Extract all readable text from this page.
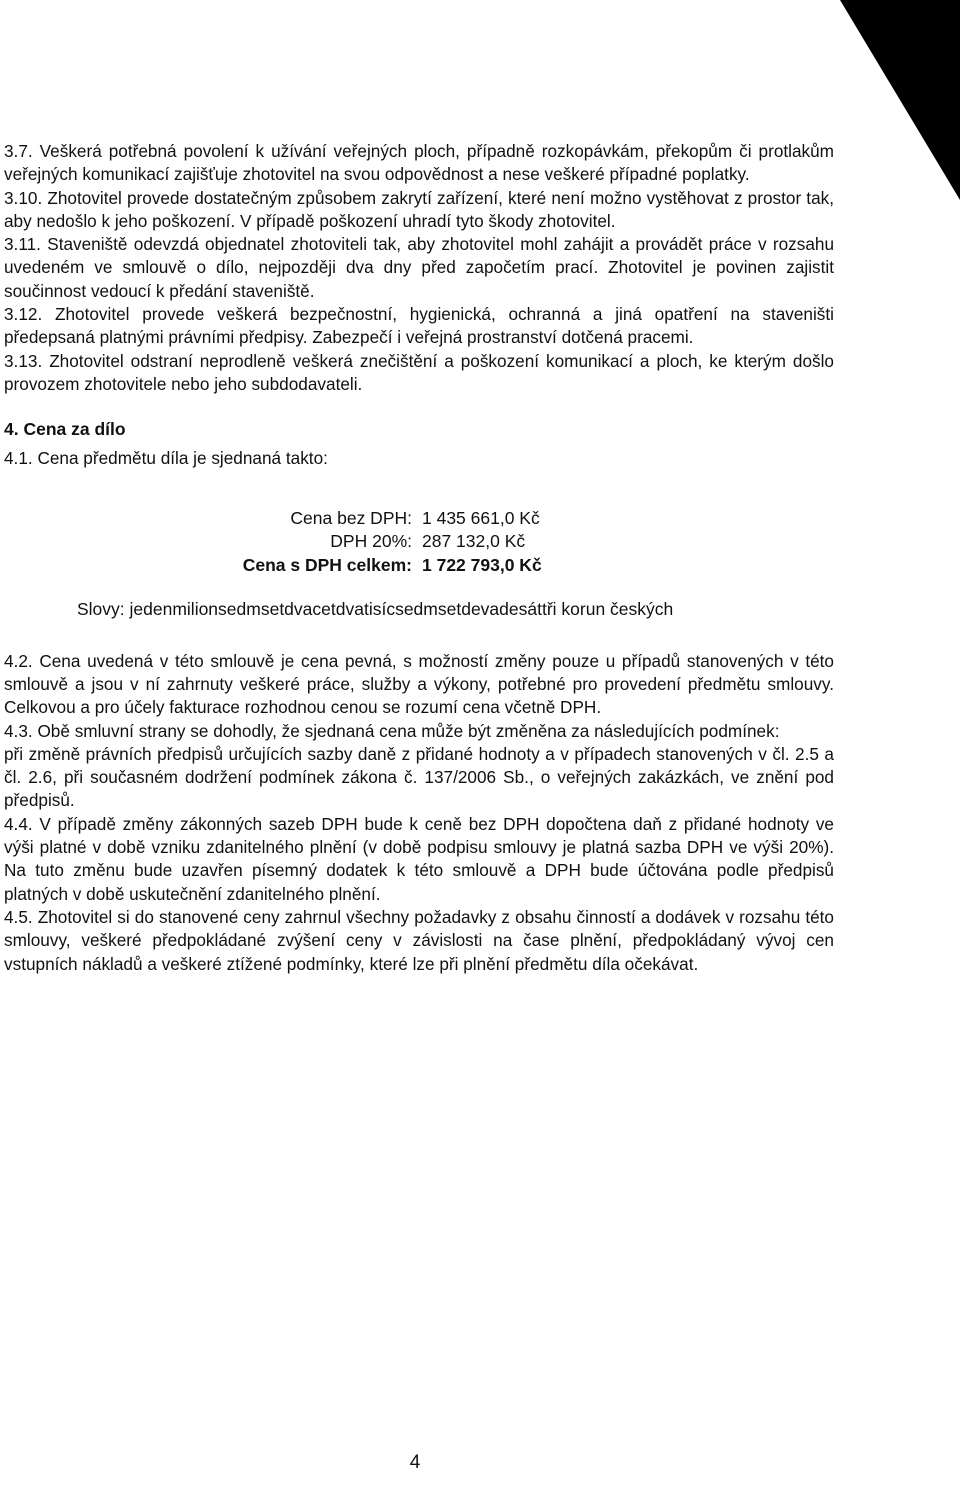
3.7. Veškerá potřebná povolení k užívání veřejných ploch, případně rozkopávkám, překopům či protlakům veřejných komunikací zajišťuje zhotovitel na svou odpovědnost a nese veškeré případné poplatky.

3.10. Zhotovitel provede dostatečným způsobem zakrytí zařízení, které není možno vystěhovat z prostor tak, aby nedošlo k jeho poškození. V případě poškození uhradí tyto škody zhotovitel.

3.11. Staveniště odevzdá objednatel zhotoviteli tak, aby zhotovitel mohl zahájit a provádět práce v rozsahu uvedeném ve smlouvě o dílo, nejpozději dva dny před započetím prací. Zhotovitel je povinen zajistit součinnost vedoucí k předání staveniště.

3.12. Zhotovitel provede veškerá bezpečnostní, hygienická, ochranná a jiná opatření na staveništi předepsaná platnými právními předpisy. Zabezpečí i veřejná prostranství dotčená pracemi.

3.13. Zhotovitel odstraní neprodleně veškerá znečištění a poškození komunikací a ploch, ke kterým došlo provozem zhotovitele nebo jeho subdodavateli.

4. Cena za dílo

4.1. Cena předmětu díla je sjednaná takto:

Cena bez DPH:	1 435 661,0 Kč
DPH 20%:	287 132,0 Kč
Cena s DPH celkem:	1 722 793,0 Kč

Slovy: jedenmilionsedmsetdvacetdvatisícsedmsetdevadesáttři korun českých

4.2. Cena uvedená v této smlouvě je cena pevná, s možností změny pouze u případů stanovených v této smlouvě a jsou v ní zahrnuty veškeré práce, služby a výkony, potřebné pro provedení předmětu smlouvy. Celkovou a pro účely fakturace rozhodnou cenou se rozumí cena včetně DPH.

4.3. Obě smluvní strany se dohodly, že sjednaná cena může být změněna za následujících podmínek:

při změně právních předpisů určujících sazby daně z přidané hodnoty a v případech stanovených v čl. 2.5 a čl. 2.6, při současném dodržení podmínek zákona č. 137/2006 Sb., o veřejných zakázkách, ve znění pod předpisů.

4.4. V případě změny zákonných sazeb DPH bude k ceně bez DPH dopočtena daň z přidané hodnoty ve výši platné v době vzniku zdanitelného plnění (v době podpisu smlouvy je platná sazba DPH ve výši 20%). Na tuto změnu bude uzavřen písemný dodatek k této smlouvě a DPH bude účtována podle předpisů platných v době uskutečnění zdanitelného plnění.

4.5. Zhotovitel si do stanovené ceny zahrnul všechny požadavky z obsahu činností a dodávek v rozsahu této smlouvy, veškeré předpokládané zvýšení ceny v závislosti na čase plnění, předpokládaný vývoj cen vstupních nákladů a veškeré ztížené podmínky, které lze při plnění předmětu díla očekávat.

4
